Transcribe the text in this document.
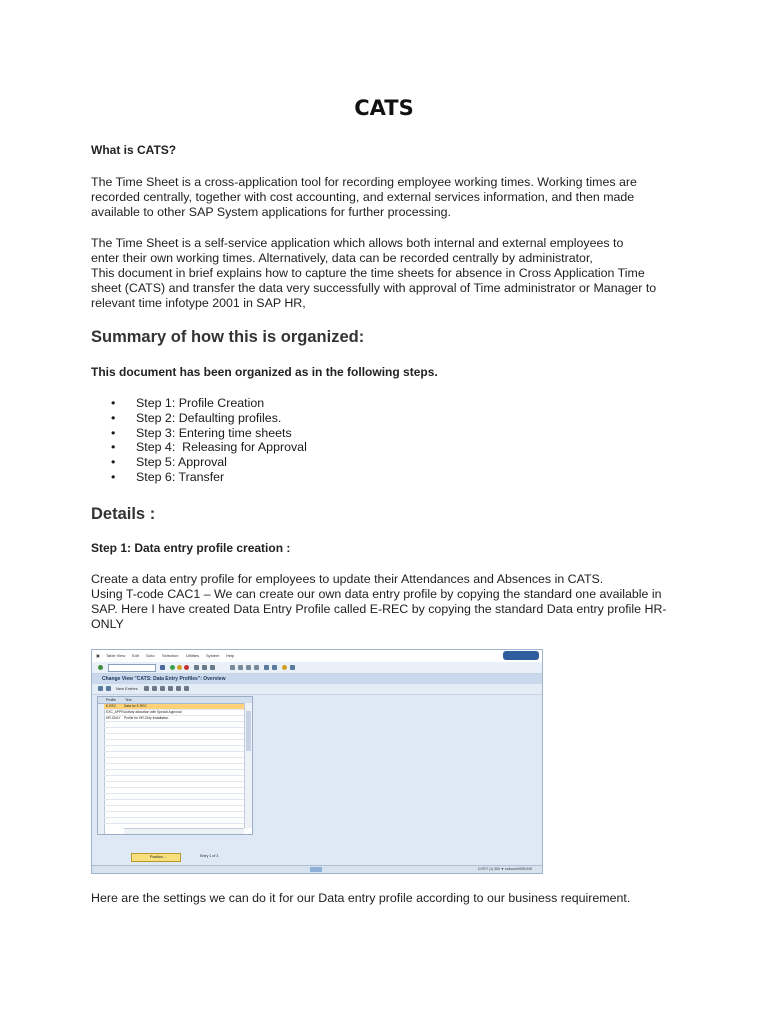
CATS
What is CATS?
The Time Sheet is a cross-application tool for recording employee working times. Working times are
recorded centrally, together with cost accounting, and external services information, and then made
available to other SAP System applications for further processing.
The Time Sheet is a self-service application which allows both internal and external employees to
enter their own working times. Alternatively, data can be recorded centrally by administrator,
This document in brief explains how to capture the time sheets for absence in Cross Application Time
sheet (CATS) and transfer the data very successfully with approval of Time administrator or Manager to
relevant time infotype 2001 in SAP HR,
Summary of how this is organized:
This document has been organized as in the following steps.
• Step 1: Profile Creation
• Step 2: Defaulting profiles.
• Step 3: Entering time sheets
• Step 4:  Releasing for Approval
• Step 5: Approval
• Step 6: Transfer
Details :
Step 1: Data entry profile creation :
Create a data entry profile for employees to update their Attendances and Absences in CATS.
Using T-code CAC1 – We can create our own data entry profile by copying the standard one available in
SAP. Here I have created Data Entry Profile called E-REC by copying the standard Data entry profile HR-
ONLY
▣ Table View Edit Goto Selection Utilities System Help
Change View "CATS: Data Entry Profiles": Overview
New Entries
Profile	Text
E-REC Data for E-REC
EXC_APPR Activity allocation with Special Approval
HR-ONLY Profile for HR-Only Installation
Position...	Entry 1 of 3
D RTY (1) 300 ▼ ecfocom0039 INS
Here are the settings we can do it for our Data entry profile according to our business requirement.
